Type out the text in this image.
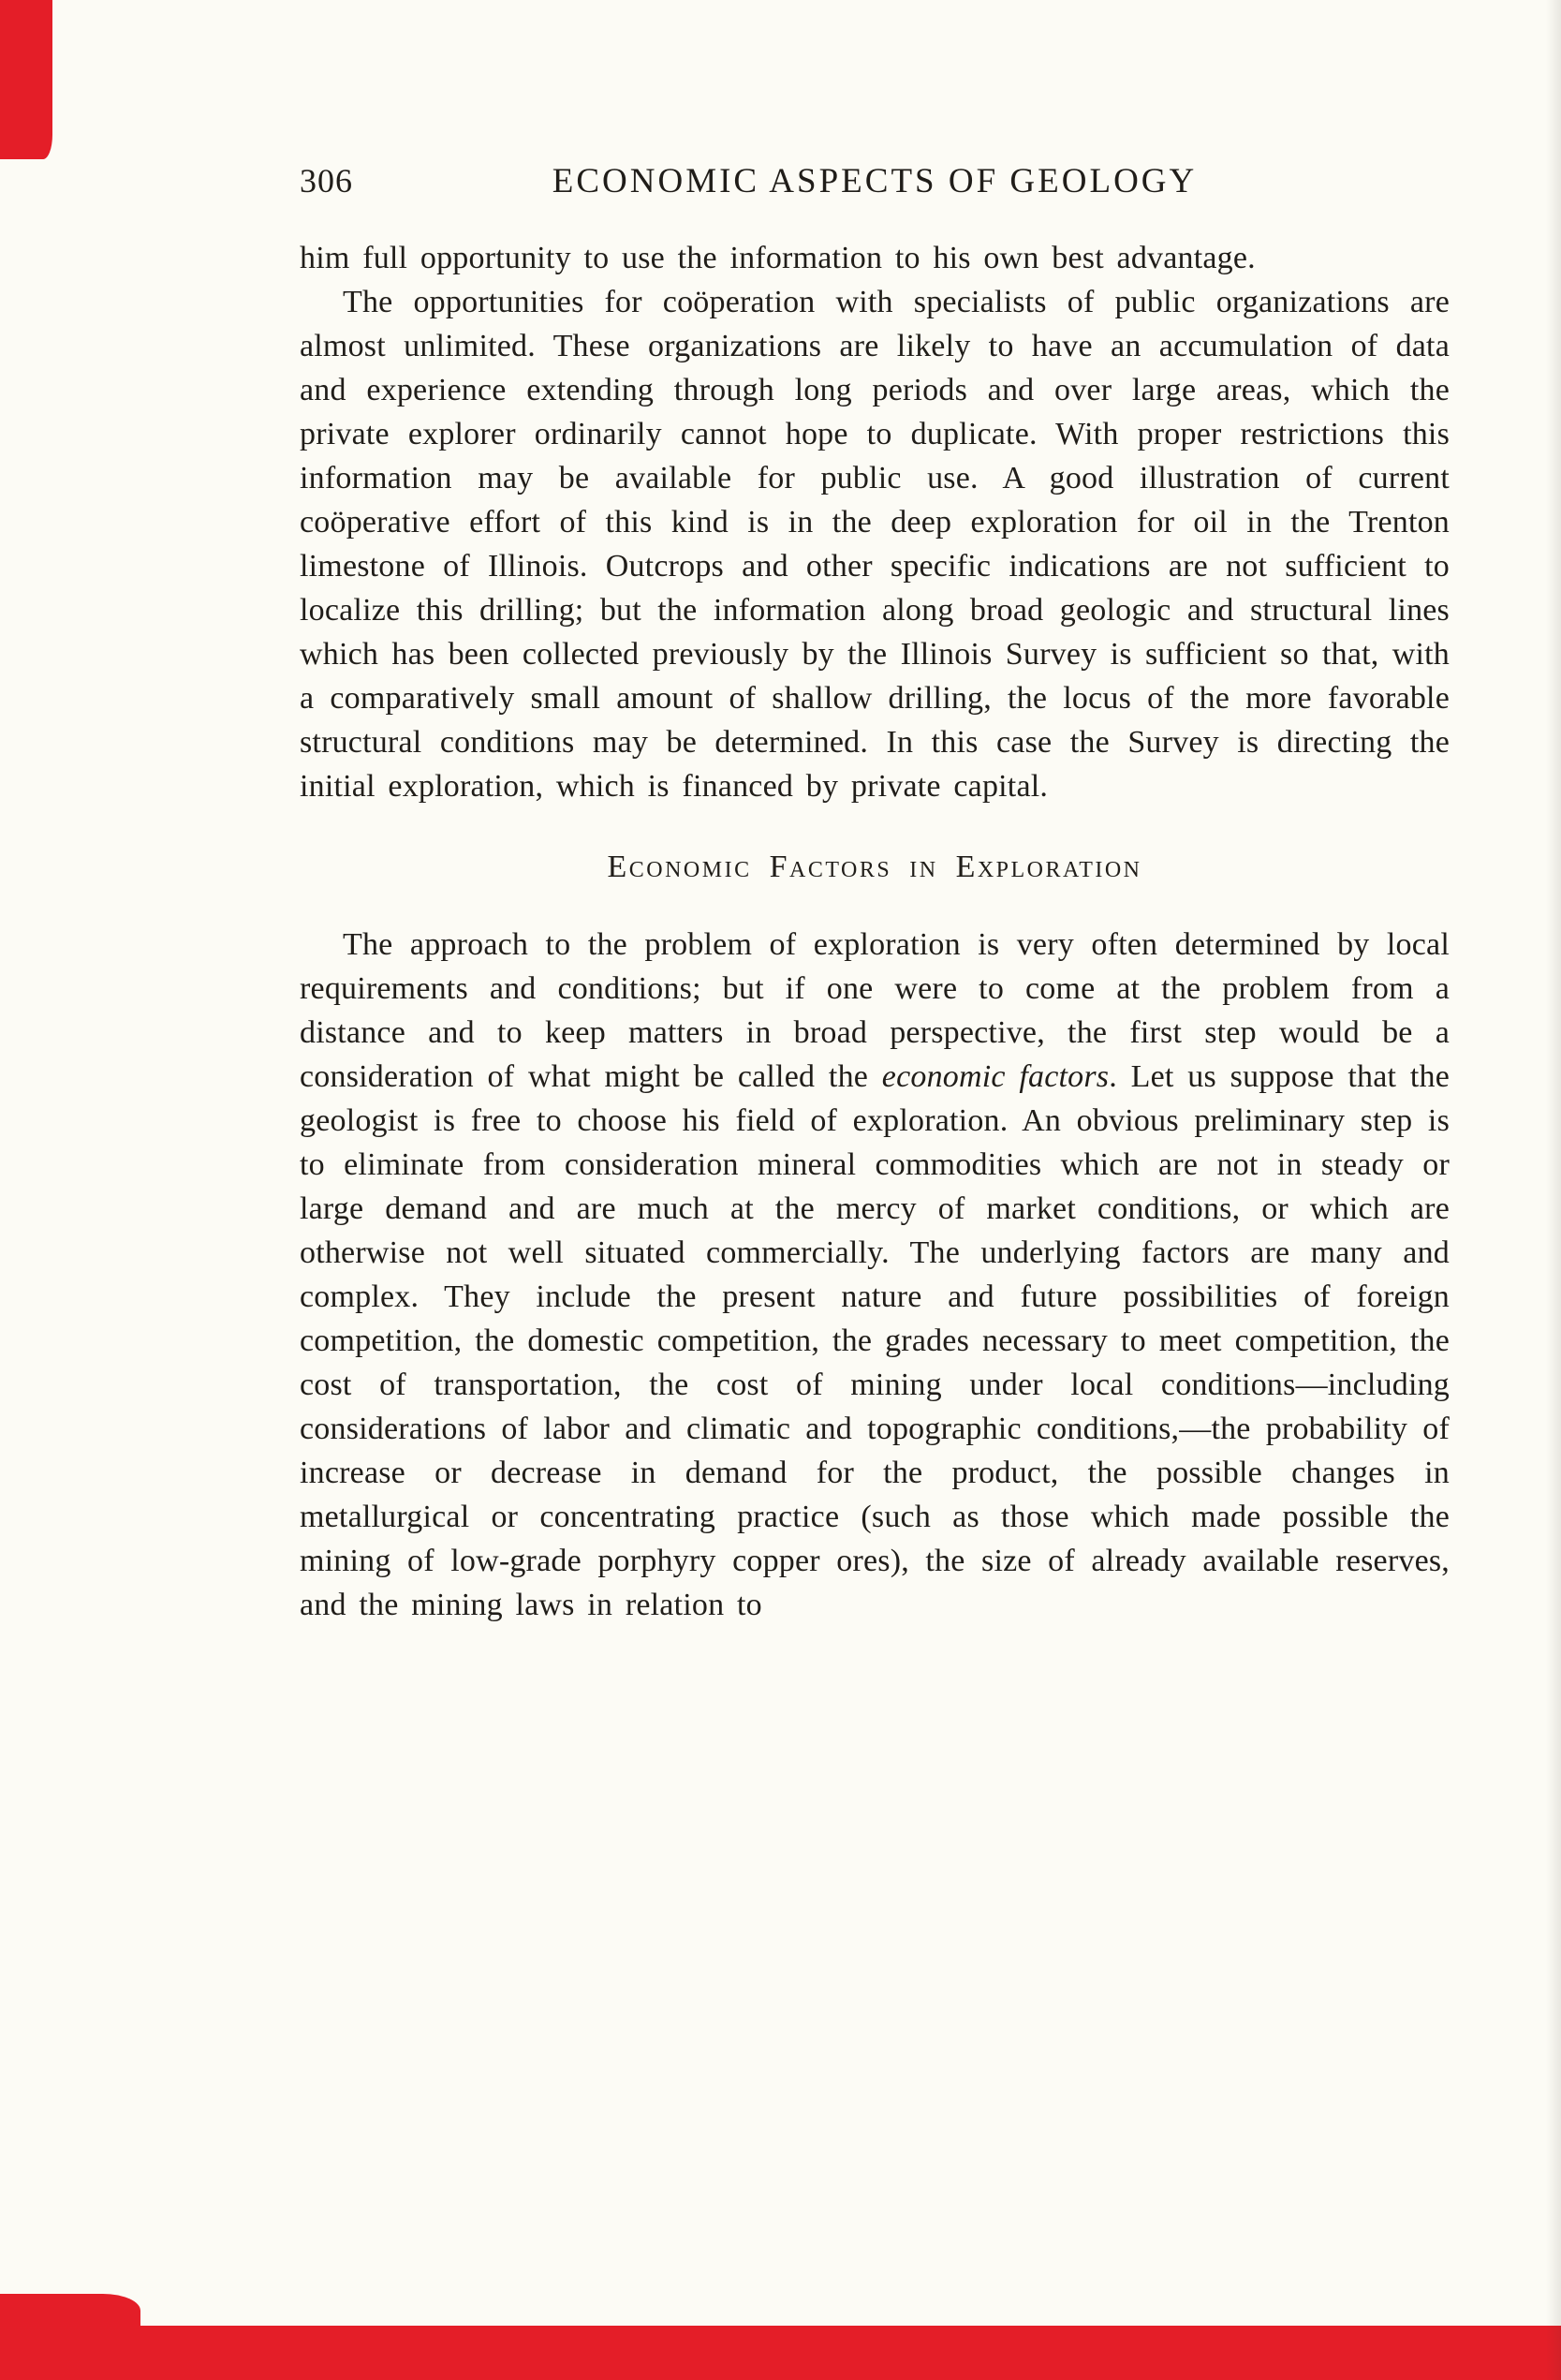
306	ECONOMIC ASPECTS OF GEOLOGY

him full opportunity to use the information to his own best advantage.

The opportunities for coöperation with specialists of public organizations are almost unlimited. These organizations are likely to have an accumulation of data and experience extending through long periods and over large areas, which the private explorer ordinarily cannot hope to duplicate. With proper restrictions this information may be available for public use. A good illustration of current coöperative effort of this kind is in the deep exploration for oil in the Trenton limestone of Illinois. Outcrops and other specific indications are not sufficient to localize this drilling; but the information along broad geologic and structural lines which has been collected previously by the Illinois Survey is sufficient so that, with a comparatively small amount of shallow drilling, the locus of the more favorable structural conditions may be determined. In this case the Survey is directing the initial exploration, which is financed by private capital.

Economic Factors in Exploration

The approach to the problem of exploration is very often determined by local requirements and conditions; but if one were to come at the problem from a distance and to keep matters in broad perspective, the first step would be a consideration of what might be called the economic factors. Let us suppose that the geologist is free to choose his field of exploration. An obvious preliminary step is to eliminate from consideration mineral commodities which are not in steady or large demand and are much at the mercy of market conditions, or which are otherwise not well situated commercially. The underlying factors are many and complex. They include the present nature and future possibilities of foreign competition, the domestic competition, the grades necessary to meet competition, the cost of transportation, the cost of mining under local conditions—including considerations of labor and climatic and topographic conditions,—the probability of increase or decrease in demand for the product, the possible changes in metallurgical or concentrating practice (such as those which made possible the mining of low-grade porphyry copper ores), the size of already available reserves, and the mining laws in relation to
